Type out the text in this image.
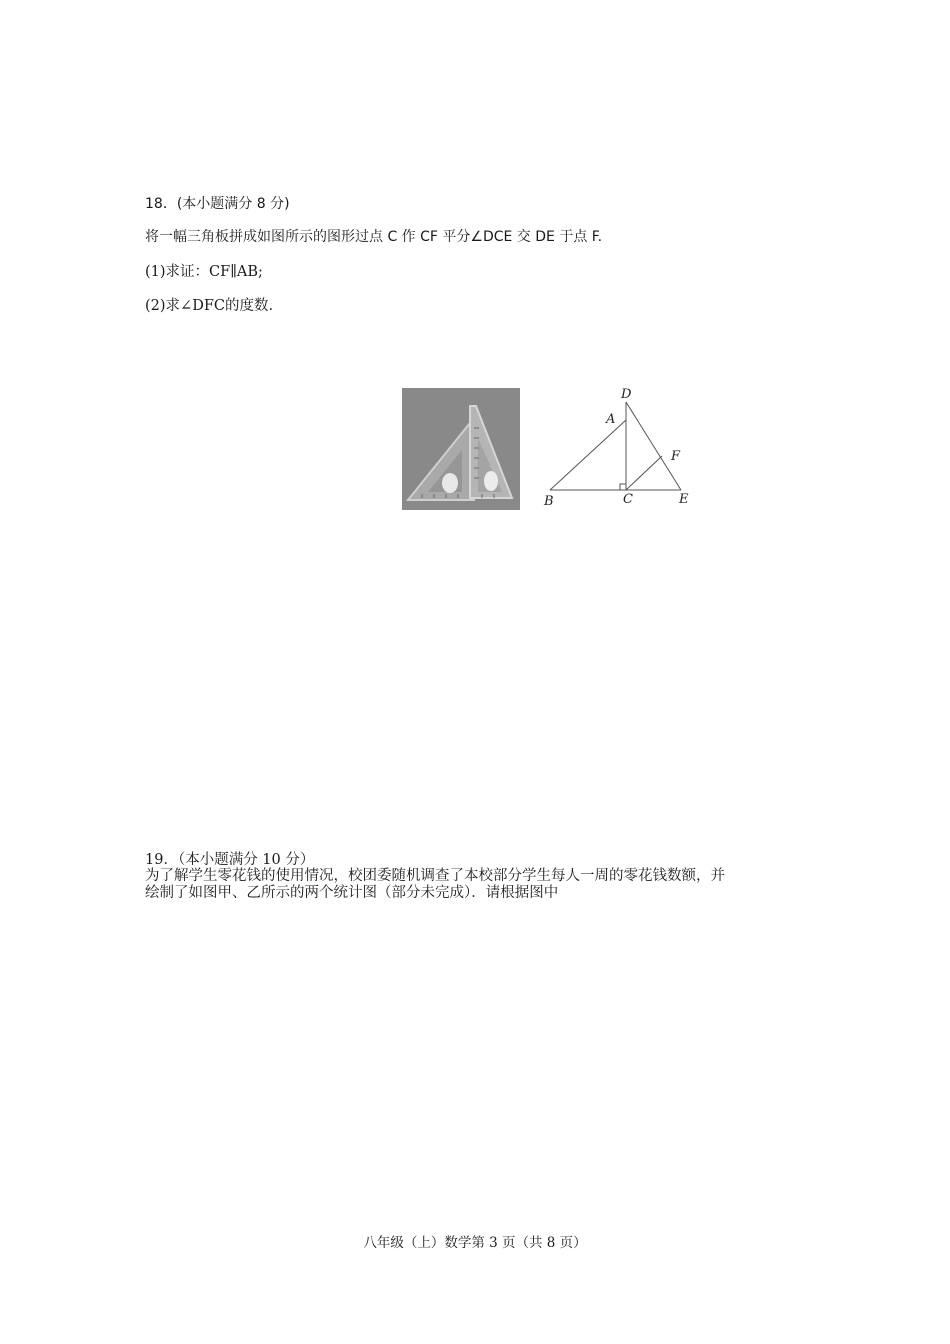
18．(本小题满分 8 分)
将一幅三角板拼成如图所示的图形过点 C 作 CF 平分∠DCE 交 DE 于点 F.
(1)求证：CF∥AB;
(2)求∠DFC的度数.
D
A
F
B	C	E
19．（本小题满分 10 分）
为了解学生零花钱的使用情况，校团委随机调查了本校部分学生每人一周的零花钱数额，并
绘制了如图甲、乙所示的两个统计图（部分未完成）．请根据图中
八年级（上）数学第 3 页（共 8 页）
